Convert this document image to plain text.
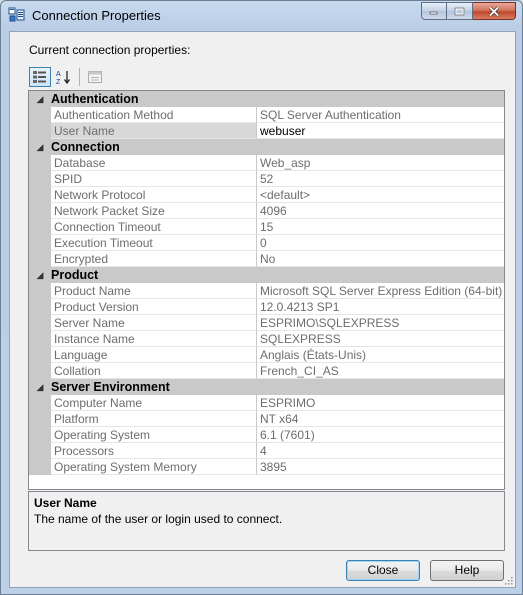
Connection Properties
Current connection properties:
A
Z
◢ Authentication
Authentication Method	SQL Server Authentication
User Name	webuser
◢ Connection
Database	Web_asp
SPID	52
Network Protocol	<default>
Network Packet Size	4096
Connection Timeout	15
Execution Timeout	0
Encrypted	No
◢ Product
Product Name	Microsoft SQL Server Express Edition (64-bit)
Product Version	12.0.4213 SP1
Server Name	ESPRIMO\SQLEXPRESS
Instance Name	SQLEXPRESS
Language	Anglais (États-Unis)
Collation	French_CI_AS
◢ Server Environment
Computer Name	ESPRIMO
Platform	NT x64
Operating System	6.1 (7601)
Processors	4
Operating System Memory	3895
User Name
The name of the user or login used to connect.
Close	Help
